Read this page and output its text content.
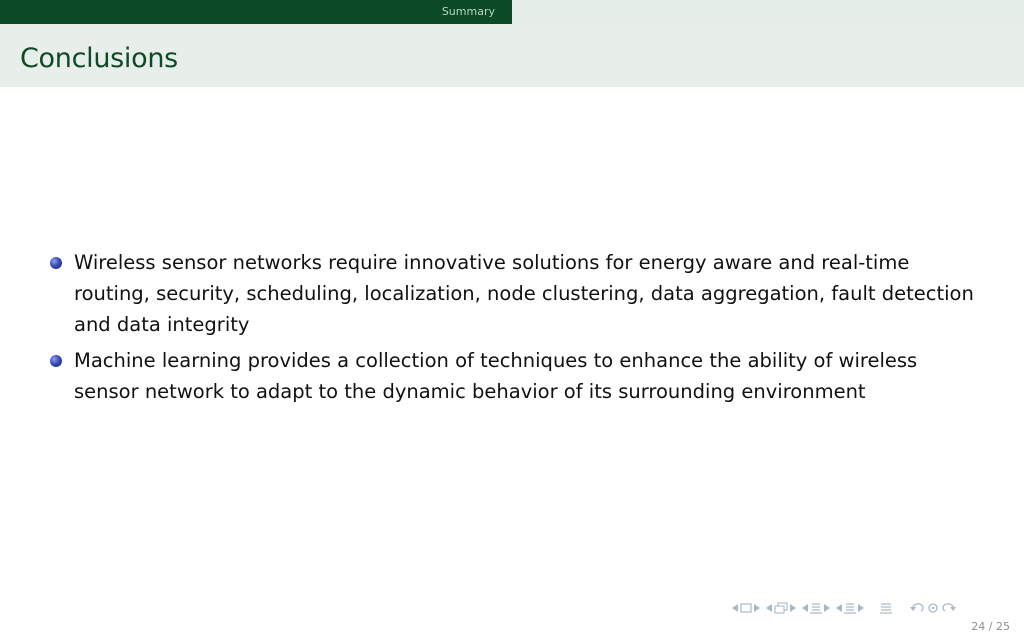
Summary
Conclusions
Wireless sensor networks require innovative solutions for energy aware and real-time routing, security, scheduling, localization, node clustering, data aggregation, fault detection and data integrity
Machine learning provides a collection of techniques to enhance the ability of wireless sensor network to adapt to the dynamic behavior of its surrounding environment
24 / 25
